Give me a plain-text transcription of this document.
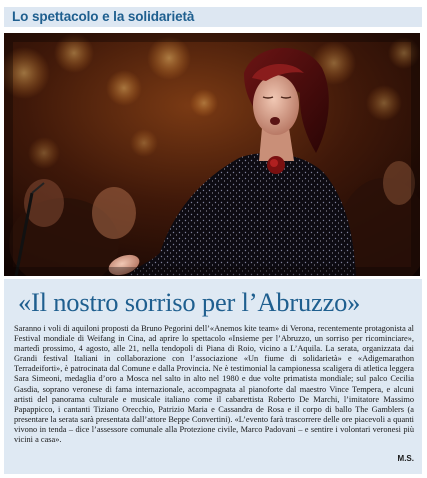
Lo spettacolo e la solidarietà
«Il nostro sorriso per l’Abruzzo»

Saranno i voli di aquiloni proposti da Bruno Pegorini dell’«Anemos kite team» di Verona, recentemente protagonista al Festival mondiale di Weifang in Cina, ad aprire lo spettacolo «Insieme per l’Abruzzo, un sorriso per ricominciare», martedì prossimo, 4 agosto, alle 21, nella tendopoli di Piana di Roio, vicino a L’Aquila. La serata, organizzata dai Grandi festival Italiani in collaborazione con l’associazione «Un fiume di solidarietà» e «Adigemarathon Terradeiforti», è patrocinata dal Comune e dalla Provincia. Ne è testimonial la campionessa scaligera di atletica leggera Sara Simeoni, medaglia d’oro a Mosca nel salto in alto nel 1980 e due volte primatista mondiale; sul palco Cecilia Gasdia, soprano veronese di fama internazionale, accompagnata al pianoforte dal maestro Vince Tempera, e alcuni artisti del panorama culturale e musicale italiano come il cabarettista Roberto De Marchi, l’imitatore Massimo Papappicco, i cantanti Tiziano Orecchio, Patrizio Maria e Cassandra de Rosa e il corpo di ballo The Gamblers (a presentare la serata sarà presentata dall’attore Beppe Convertini). «L’evento farà trascorrere delle ore piacevoli a quanti vivono in tenda – dice l’assessore comunale alla Protezione civile, Marco Padovani – e sentire i volontari veronesi più vicini a casa».

M.S.
